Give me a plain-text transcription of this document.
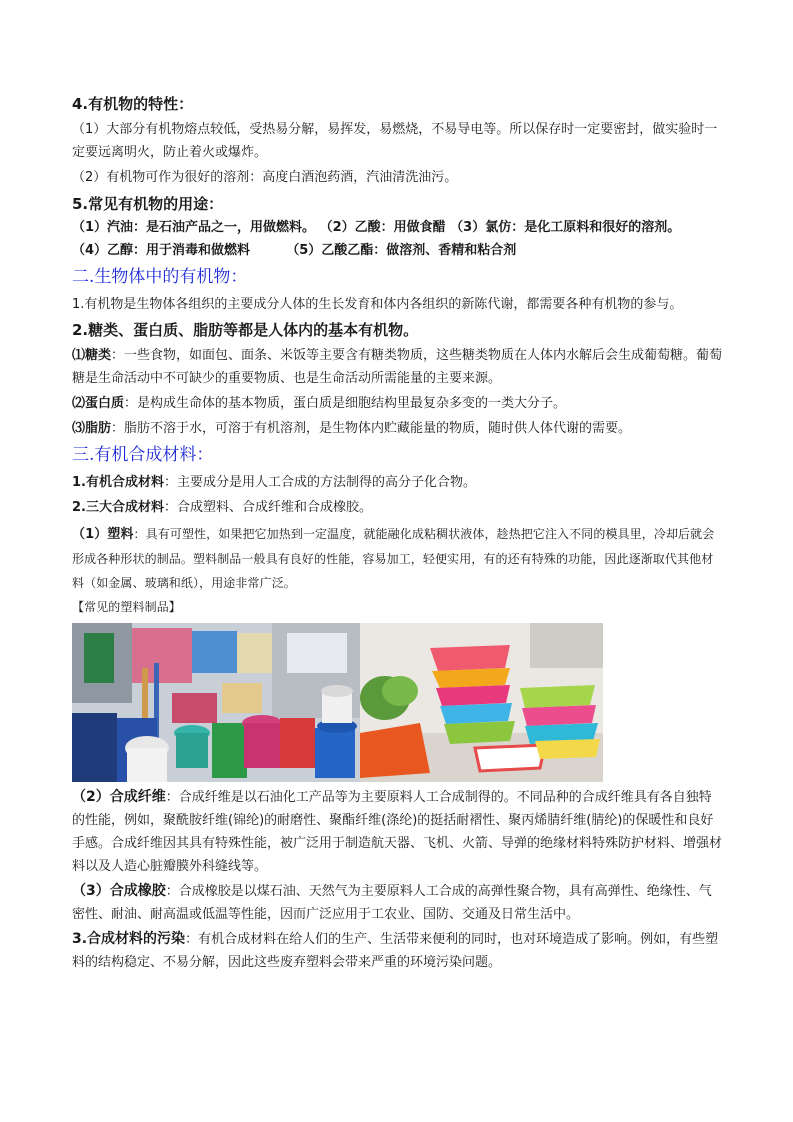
4.有机物的特性：

（1）大部分有机物熔点较低，受热易分解，易挥发，易燃烧，不易导电等。所以保存时一定要密封，做实验时一定要远离明火，防止着火或爆炸。

（2）有机物可作为很好的溶剂：高度白酒泡药酒，汽油清洗油污。

5.常见有机物的用途：

（1）汽油：是石油产品之一，用做燃料。 （2）乙酸：用做食醋 （3）氯仿：是化工原料和很好的溶剂。

（4）乙醇：用于消毒和做燃料        （5）乙酸乙酯：做溶剂、香精和粘合剂

二.生物体中的有机物：

1.有机物是生物体各组织的主要成分人体的生长发育和体内各组织的新陈代谢，都需要各种有机物的参与。

2.糖类、蛋白质、脂肪等都是人体内的基本有机物。

⑴糖类：一些食物，如面包、面条、米饭等主要含有糖类物质，这些糖类物质在人体内水解后会生成葡萄糖。葡萄糖是生命活动中不可缺少的重要物质、也是生命活动所需能量的主要来源。

⑵蛋白质：是构成生命体的基本物质，蛋白质是细胞结构里最复杂多变的一类大分子。

⑶脂肪：脂肪不溶于水，可溶于有机溶剂，是生物体内贮藏能量的物质，随时供人体代谢的需要。

三.有机合成材料：

1.有机合成材料：主要成分是用人工合成的方法制得的高分子化合物。

2.三大合成材料：合成塑料、合成纤维和合成橡胶。

（1）塑料：具有可塑性，如果把它加热到一定温度，就能融化成粘稠状液体，趁热把它注入不同的模具里，冷却后就会形成各种形状的制品。塑料制品一般具有良好的性能，容易加工，轻便实用，有的还有特殊的功能，因此逐渐取代其他材料（如金属、玻璃和纸），用途非常广泛。

【常见的塑料制品】

（2）合成纤维：合成纤维是以石油化工产品等为主要原料人工合成制得的。不同品种的合成纤维具有各自独特的性能，例如，聚酰胺纤维(锦纶)的耐磨性、聚酯纤维(涤纶)的挺括耐褶性、聚丙烯腈纤维(腈纶)的保暖性和良好手感。合成纤维因其具有特殊性能，被广泛用于制造航天器、飞机、火箭、导弹的绝缘材料特殊防护材料、增强材料以及人造心脏瓣膜外科缝线等。

（3）合成橡胶：合成橡胶是以煤石油、天然气为主要原料人工合成的高弹性聚合物，具有高弹性、绝缘性、气密性、耐油、耐高温或低温等性能，因而广泛应用于工农业、国防、交通及日常生活中。

3.合成材料的污染：有机合成材料在给人们的生产、生活带来便利的同时，也对环境造成了影响。例如，有些塑料的结构稳定、不易分解，因此这些废弃塑料会带来严重的环境污染问题。
